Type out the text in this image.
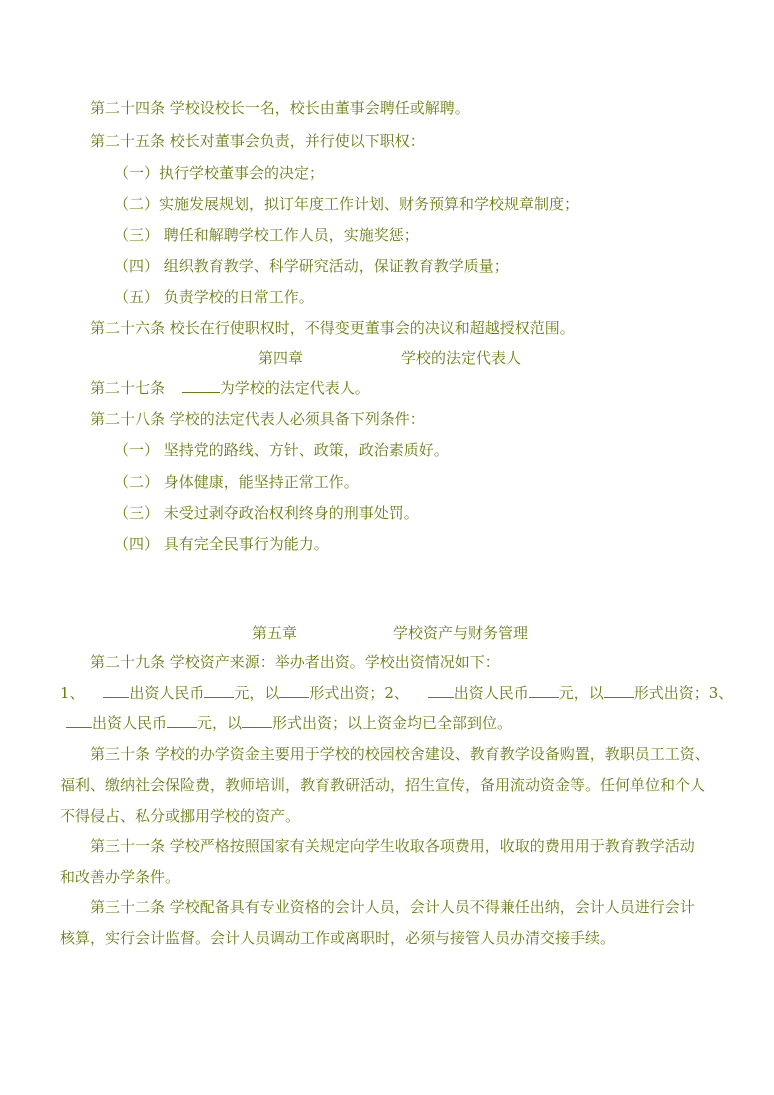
第二十四条 学校设校长一名，校长由董事会聘任或解聘。
第二十五条 校长对董事会负责，并行使以下职权：
（一）执行学校董事会的决定；
（二）实施发展规划，拟订年度工作计划、财务预算和学校规章制度；
（三） 聘任和解聘学校工作人员，实施奖惩；
（四） 组织教育教学、科学研究活动，保证教育教学质量；
（五） 负责学校的日常工作。
第二十六条 校长在行使职权时，不得变更董事会的决议和超越授权范围。
第四章	学校的法定代表人
第二十七条	为学校的法定代表人。
第二十八条 学校的法定代表人必须具备下列条件：
（一） 坚持党的路线、方针、政策，政治素质好。
（二） 身体健康，能坚持正常工作。
（三） 未受过剥夺政治权利终身的刑事处罚。
（四） 具有完全民事行为能力。
第五章	学校资产与财务管理
第二十九条 学校资产来源：举办者出资。学校出资情况如下：
1、	出资人民币 元，以 形式出资；2、	出资人民币 元，以 形式出资；3、
出资人民币 元，以 形式出资；以上资金均已全部到位。
第三十条 学校的办学资金主要用于学校的校园校舍建设、教育教学设备购置，教职员工工资、
福利、缴纳社会保险费，教师培训，教育教研活动，招生宣传，备用流动资金等。任何单位和个人
不得侵占、私分或挪用学校的资产。
第三十一条 学校严格按照国家有关规定向学生收取各项费用，收取的费用用于教育教学活动
和改善办学条件。
第三十二条 学校配备具有专业资格的会计人员，会计人员不得兼任出纳，会计人员进行会计
核算，实行会计监督。会计人员调动工作或离职时，必须与接管人员办清交接手续。
